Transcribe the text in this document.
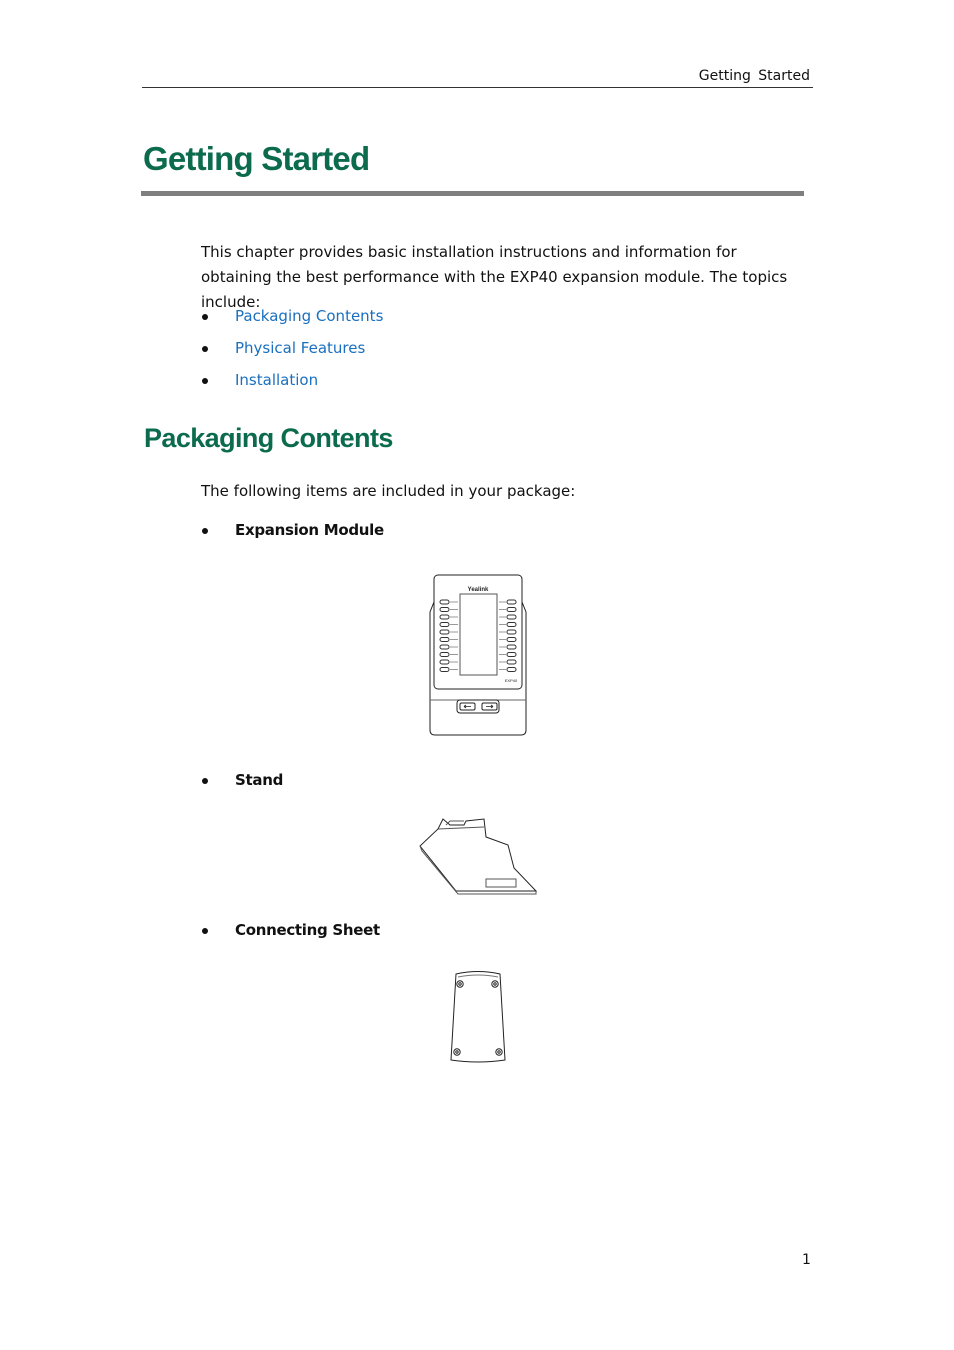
Getting Started
Getting Started

This chapter provides basic installation instructions and information for obtaining the best performance with the EXP40 expansion module. The topics include:

Packaging Contents
Physical Features
Installation
Packaging Contents

The following items are included in your package:

Expansion Module
Yealink
EXP40
Stand
Connecting Sheet
1
